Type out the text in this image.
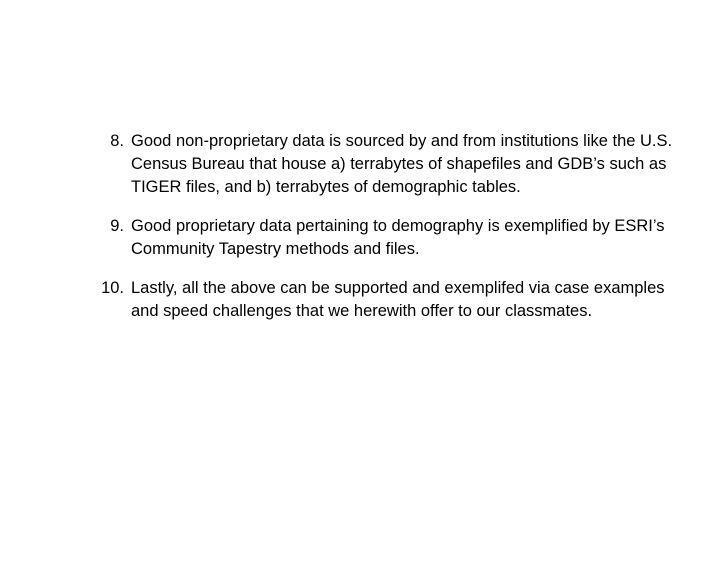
8. Good non-proprietary data is sourced by and from institutions like the U.S.
Census Bureau that house a) terrabytes of shapefiles and GDB’s such as
TIGER files, and b) terrabytes of demographic tables.
9. Good proprietary data pertaining to demography is exemplified by ESRI’s
Community Tapestry methods and files.
10. Lastly, all the above can be supported and exemplifed via case examples
and speed challenges that we herewith offer to our classmates.
